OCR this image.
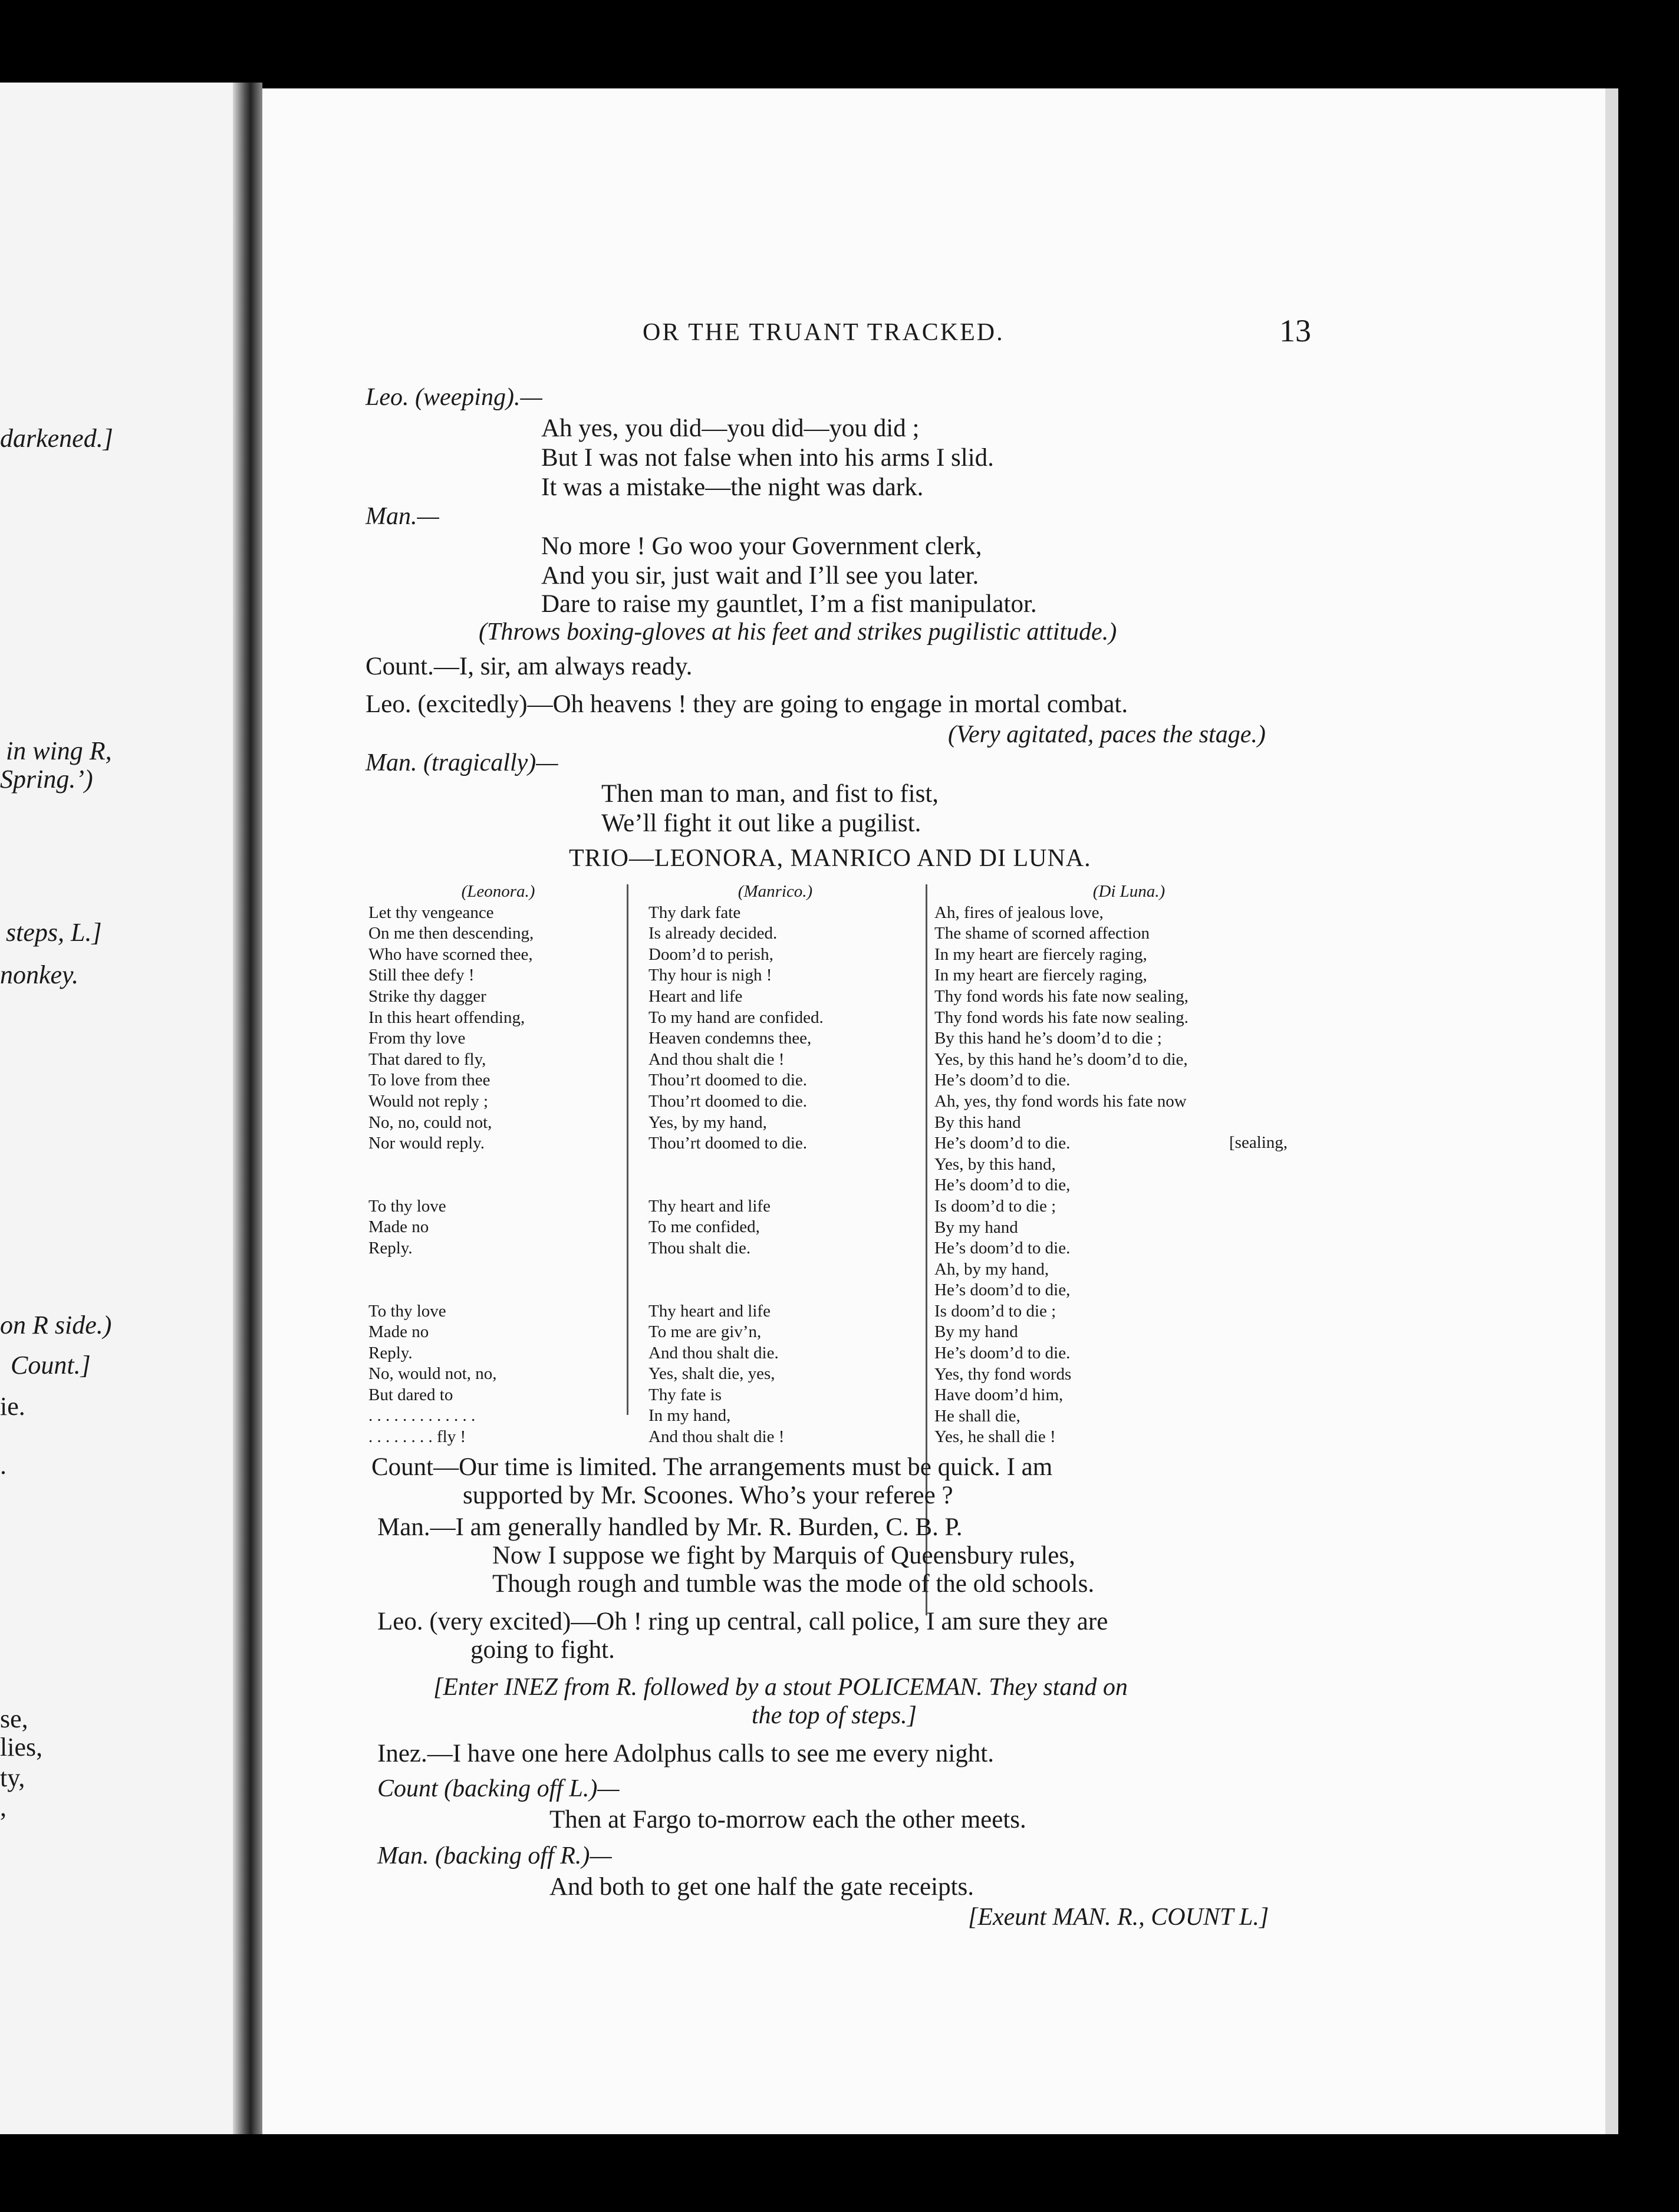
darkened.]
in wing R,
Spring.’)
steps, L.]
nonkey.
on R side.)
Count.]
ie.
.
se,
lies,
ty,
,
OR THE TRUANT TRACKED.	13
Leo. (weeping).—
Ah yes, you did—you did—you did ;
But I was not false when into his arms I slid.
It was a mistake—the night was dark.
Man.—
No more ! Go woo your Government clerk,
And you sir, just wait and I’ll see you later.
Dare to raise my gauntlet, I’m a fist manipulator.
(Throws boxing-gloves at his feet and strikes pugilistic attitude.)
Count.—I, sir, am always ready.
Leo. (excitedly)—Oh heavens ! they are going to engage in mortal combat.
(Very agitated, paces the stage.)
Man. (tragically)—
Then man to man, and fist to fist,
We’ll fight it out like a pugilist.
TRIO—LEONORA, MANRICO AND DI LUNA.
(Leonora.)
Let thy vengeance
On me then descending,
Who have scorned thee,
Still thee defy !
Strike thy dagger
In this heart offending,
From thy love
That dared to fly,
To love from thee
Would not reply ;
No, no, could not,
Nor would reply.
To thy love
Made no
Reply.
To thy love
Made no
Reply.
No, would not, no,
But dared to
. . . . . . . . . . . . .
. . . . . . . . fly !
(Manrico.)
Thy dark fate
Is already decided.
Doom’d to perish,
Thy hour is nigh !
Heart and life
To my hand are confided.
Heaven condemns thee,
And thou shalt die !
Thou’rt doomed to die.
Thou’rt doomed to die.
Yes, by my hand,
Thou’rt doomed to die.
Thy heart and life
To me confided,
Thou shalt die.
Thy heart and life
To me are giv’n,
And thou shalt die.
Yes, shalt die, yes,
Thy fate is
In my hand,
And thou shalt die !
(Di Luna.)
Ah, fires of jealous love,
The shame of scorned affection
In my heart are fiercely raging,
In my heart are fiercely raging,
Thy fond words his fate now sealing,
Thy fond words his fate now sealing.
By this hand he’s doom’d to die ;
Yes, by this hand he’s doom’d to die,
He’s doom’d to die.
Ah, yes, thy fond words his fate now
By this hand
He’s doom’d to die.
Yes, by this hand,
He’s doom’d to die,
Is doom’d to die ;
By my hand
He’s doom’d to die.
Ah, by my hand,
He’s doom’d to die,
Is doom’d to die ;
By my hand
He’s doom’d to die.
Yes, thy fond words
Have doom’d him,
He shall die,
Yes, he shall die !
[sealing,
Count—Our time is limited. The arrangements must be quick. I am
supported by Mr. Scoones. Who’s your referee ?
Man.—I am generally handled by Mr. R. Burden, C. B. P.
Now I suppose we fight by Marquis of Queensbury rules,
Though rough and tumble was the mode of the old schools.
Leo. (very excited)—Oh ! ring up central, call police, I am sure they are
going to fight.
[Enter INEZ from R. followed by a stout POLICEMAN. They stand on
the top of steps.]
Inez.—I have one here Adolphus calls to see me every night.
Count (backing off L.)—
Then at Fargo to-morrow each the other meets.
Man. (backing off R.)—
And both to get one half the gate receipts.
[Exeunt MAN. R., COUNT L.]
